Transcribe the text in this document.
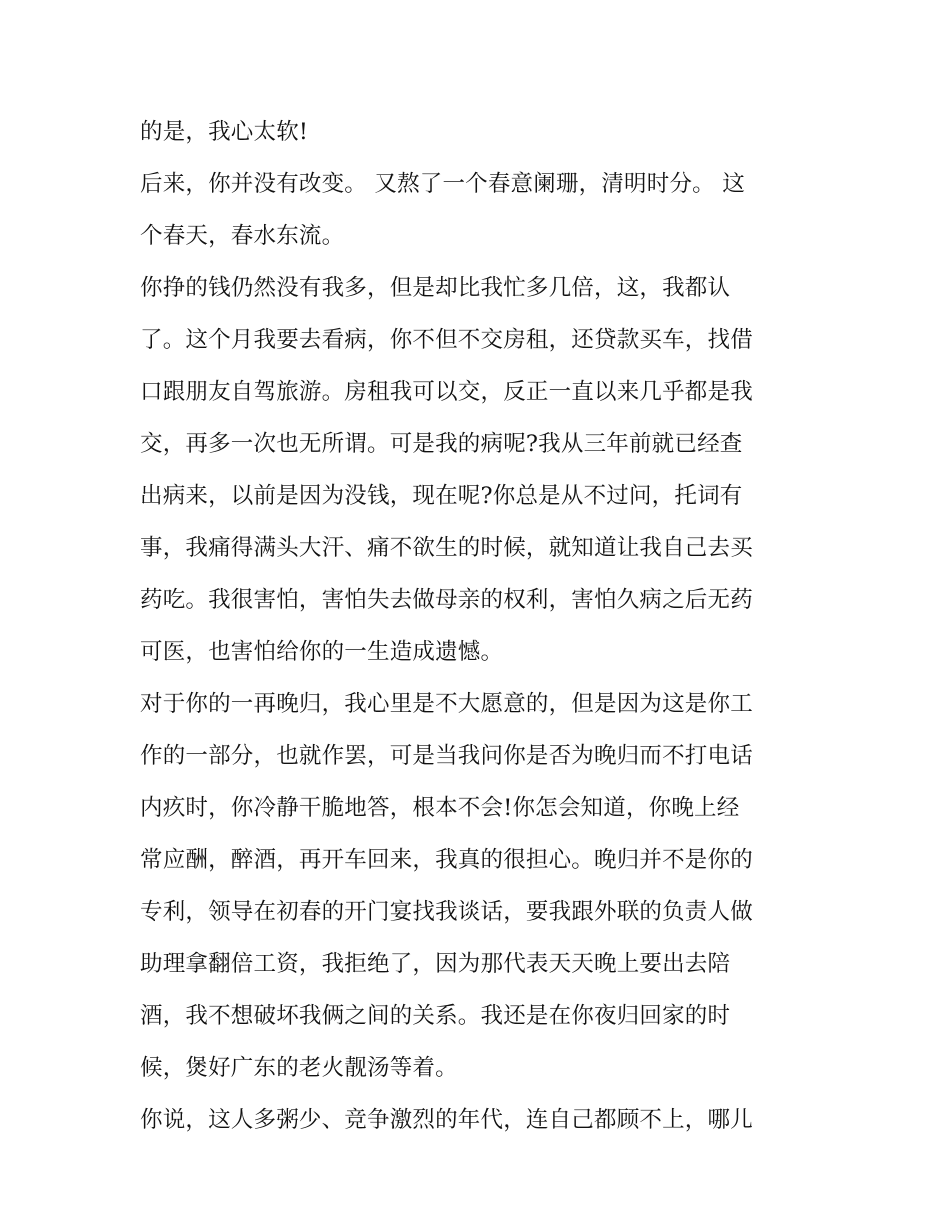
的是，我心太软!
后来，你并没有改变。 又熬了一个春意阑珊，清明时分。 这
个春天，春水东流。
你挣的钱仍然没有我多，但是却比我忙多几倍，这，我都认
了。这个月我要去看病，你不但不交房租，还贷款买车，找借
口跟朋友自驾旅游。房租我可以交，反正一直以来几乎都是我
交，再多一次也无所谓。可是我的病呢?我从三年前就已经查
出病来，以前是因为没钱，现在呢?你总是从不过问，托词有
事，我痛得满头大汗、痛不欲生的时候，就知道让我自己去买
药吃。我很害怕，害怕失去做母亲的权利，害怕久病之后无药
可医，也害怕给你的一生造成遗憾。
对于你的一再晚归，我心里是不大愿意的，但是因为这是你工
作的一部分，也就作罢，可是当我问你是否为晚归而不打电话
内疚时，你冷静干脆地答，根本不会!你怎会知道，你晚上经
常应酬，醉酒，再开车回来，我真的很担心。晚归并不是你的
专利，领导在初春的开门宴找我谈话，要我跟外联的负责人做
助理拿翻倍工资，我拒绝了，因为那代表天天晚上要出去陪
酒，我不想破坏我俩之间的关系。我还是在你夜归回家的时
候，煲好广东的老火靓汤等着。
你说，这人多粥少、竞争激烈的年代，连自己都顾不上，哪儿
